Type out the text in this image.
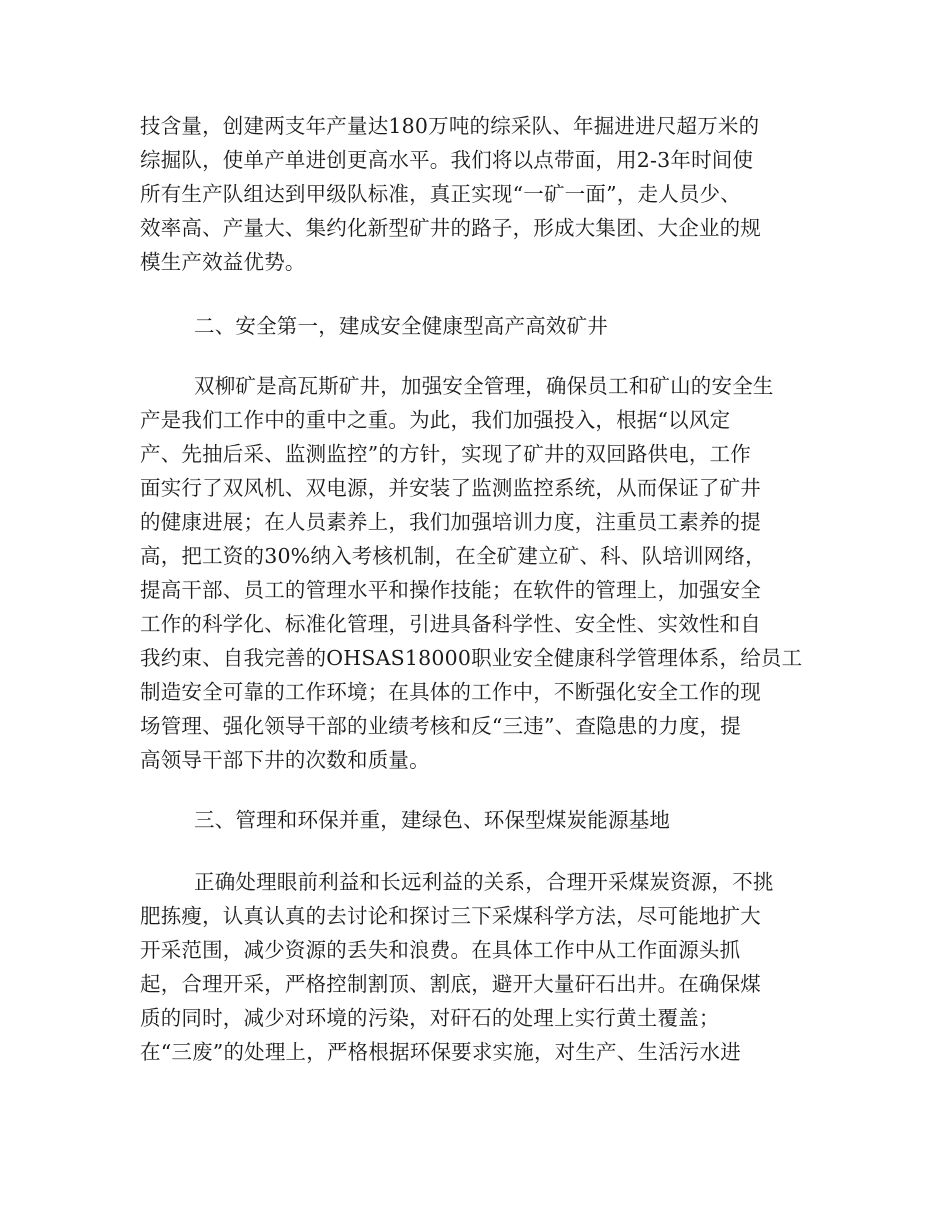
技含量，创建两支年产量达180万吨的综采队、年掘进进尺超万米的
综掘队，使单产单进创更高水平。我们将以点带面，用2-3年时间使
所有生产队组达到甲级队标准，真正实现“一矿一面”，走人员少、
效率高、产量大、集约化新型矿井的路子，形成大集团、大企业的规
模生产效益优势。
二、安全第一，建成安全健康型高产高效矿井
双柳矿是高瓦斯矿井，加强安全管理，确保员工和矿山的安全生
产是我们工作中的重中之重。为此，我们加强投入，根据“以风定
产、先抽后采、监测监控”的方针，实现了矿井的双回路供电，工作
面实行了双风机、双电源，并安装了监测监控系统，从而保证了矿井
的健康进展；在人员素养上，我们加强培训力度，注重员工素养的提
高，把工资的30%纳入考核机制，在全矿建立矿、科、队培训网络，
提高干部、员工的管理水平和操作技能；在软件的管理上，加强安全
工作的科学化、标准化管理，引进具备科学性、安全性、实效性和自
我约束、自我完善的OHSAS18000职业安全健康科学管理体系，给员工
制造安全可靠的工作环境；在具体的工作中，不断强化安全工作的现
场管理、强化领导干部的业绩考核和反“三违”、查隐患的力度，提
高领导干部下井的次数和质量。
三、管理和环保并重，建绿色、环保型煤炭能源基地
正确处理眼前利益和长远利益的关系，合理开采煤炭资源，不挑
肥拣瘦，认真认真的去讨论和探讨三下采煤科学方法，尽可能地扩大
开采范围，减少资源的丢失和浪费。在具体工作中从工作面源头抓
起，合理开采，严格控制割顶、割底，避开大量矸石出井。在确保煤
质的同时，减少对环境的污染，对矸石的处理上实行黄土覆盖；
在“三废”的处理上，严格根据环保要求实施，对生产、生活污水进
